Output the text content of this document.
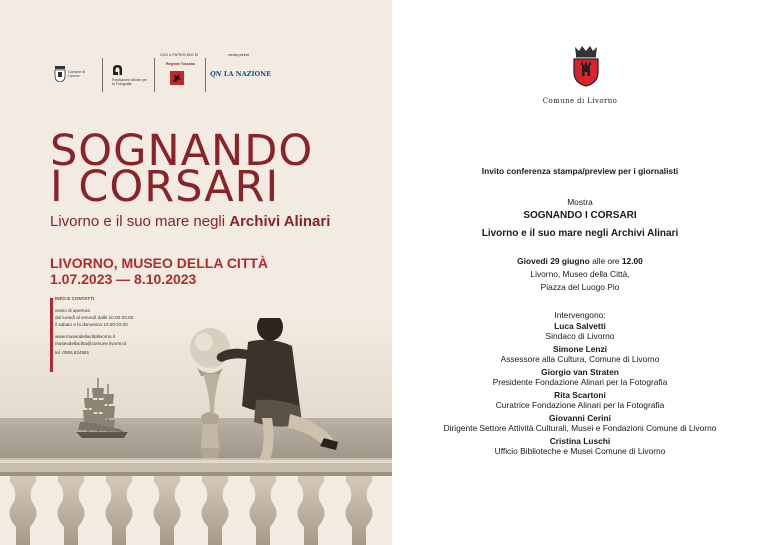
Comune di Livorno
Fondazione Alinari per la Fotografia
CON IL PATROCINIO DI
Regione Toscana
media partner
QN LA NAZIONE
SOGNANDO
I CORSARI
Livorno e il suo mare negli Archivi Alinari
LIVORNO, MUSEO DELLA CITTÀ
1.07.2023 — 8.10.2023
INFO E CONTATTI
orario di apertura
dal lunedì al venerdì dalle 10.00-20.00
il sabato e la domenica 10.00-22.00
www.museodellacittalivorno.it
museodellacitta@comune.livorno.it
tel. 0586 824551
Comune di Livorno
Invito conferenza stampa/preview per i giornalisti
Mostra
SOGNANDO I CORSARI
Livorno e il suo mare negli Archivi Alinari
Giovedì 29 giugno alle ore 12.00
Livorno, Museo della Città,
Piazza del Luogo Pio
Intervengono:
Luca Salvetti
Sindaco di Livorno
Simone Lenzi
Assessore alla Cultura, Comune di Livorno
Giorgio van Straten
Presidente Fondazione Alinari per la Fotografia
Rita Scartoni
Curatrice Fondazione Alinari per la Fotografia
Giovanni Cerini
Dirigente Settore Attività Culturali, Musei e Fondazioni Comune di Livorno
Cristina Luschi
Ufficio Biblioteche e Musei Comune di Livorno
